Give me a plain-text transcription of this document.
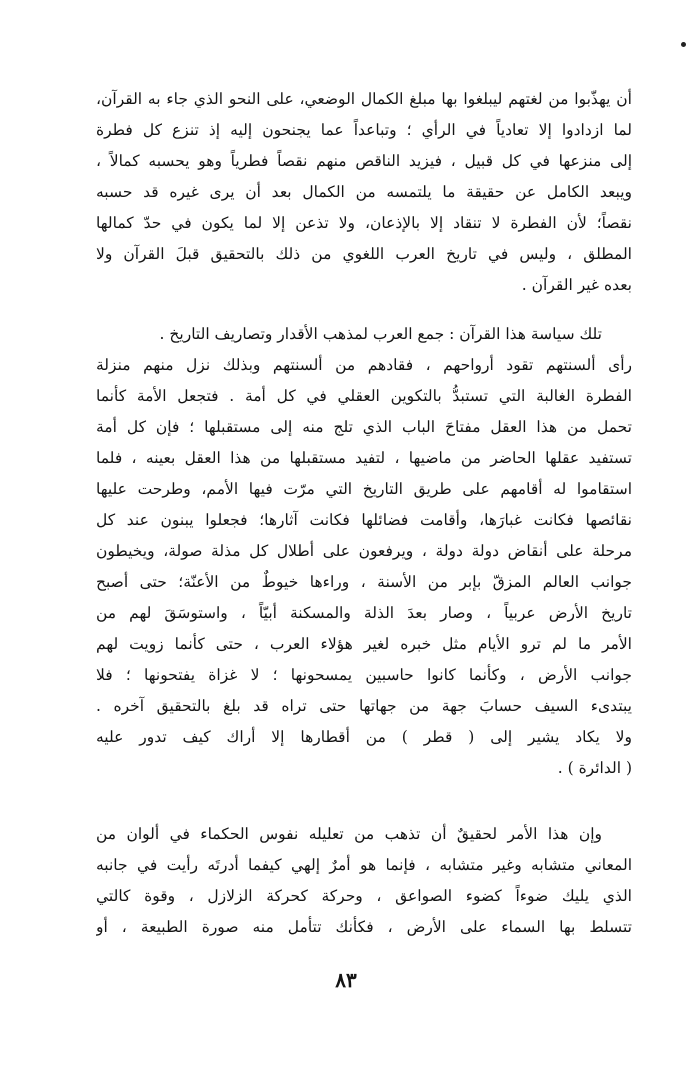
أن يهذّبوا من لغتهم ليبلغوا بها مبلغ الكمال الوضعي، على النحو الذي جاء به القرآن،
لما ازدادوا إلا تعادياً في الرأي ؛ وتباعداً عما يجنحون إليه إذ تنزع كل فطرة
إلى منزعها في كل قبيل ، فيزيد الناقص منهم نقصاً فطرياً وهو يحسبه كمالاً ،
ويبعد الكامل عن حقيقة ما يلتمسه من الكمال بعد أن يرى غيره قد حسبه
نقصاً؛ لأن الفطرة لا تنقاد إلا بالإذعان، ولا تذعن إلا لما يكون في حدّ كمالها
المطلق ، وليس في تاريخ العرب اللغوي من ذلك بالتحقيق قبلَ القرآن ولا
بعده غير القرآن .
تلك سياسة هذا القرآن : جمع العرب لمذهب الأقدار وتصاريف التاريخ .
رأى ألسنتهم تقود أرواحهم ، فقادهم من ألسنتهم وبذلك نزل منهم منزلة
الفطرة الغالبة التي تستبدُّ بالتكوين العقلي في كل أمة . فتجعل الأمة كأنما
تحمل من هذا العقل مفتاحَ الباب الذي تلج منه إلى مستقبلها ؛ فإن كل أمة
تستفيد عقلها الحاضر من ماضيها ، لتفيد مستقبلها من هذا العقل بعينه ، فلما
استقاموا له أقامهم على طريق التاريخ التي مرّت فيها الأمم، وطرحت عليها
نقائصها فكانت غبارَها، وأقامت فضائلها فكانت آثارها؛ فجعلوا يبنون عند كل
مرحلة على أنقاض دولة دولة ، ويرفعون على أطلال كل مذلة صولة، ويخيطون
جوانب العالم المزقّ بإبر من الأسنة ، وراءها خيوطٌ من الأعنّة؛ حتى أصبح
تاريخ الأرض عربياً ، وصار بعدَ الذلة والمسكنة أبيّاً ، واستوسَقَ لهم من
الأمر ما لم ترو الأيام مثل خبره لغير هؤلاء العرب ، حتى كأنما زويت لهم
جوانب الأرض ، وكأنما كانوا حاسبين يمسحونها ؛ لا غزاة يفتحونها ؛ فلا
يبتدىء السيف حسابَ جهة من جهاتها حتى تراه قد بلغ بالتحقيق آخره .
ولا يكاد يشير إلى ( قطر ) من أقطارها إلا أراك كيف تدور عليه
( الدائرة ) .
وإن هذا الأمر لحقيقٌ أن تذهب من تعليله نفوس الحكماء في ألوان من
المعاني متشابه وغير متشابه ، فإنما هو أمرٌ إلهي كيفما أدرتَه رأيت في جانبه
الذي يليك ضوءاً كضوء الصواعق ، وحركة كحركة الزلازل ، وقوة كالتي
تتسلط بها السماء على الأرض ، فكأنك تتأمل منه صورة الطبيعة ، أو
٨٣
